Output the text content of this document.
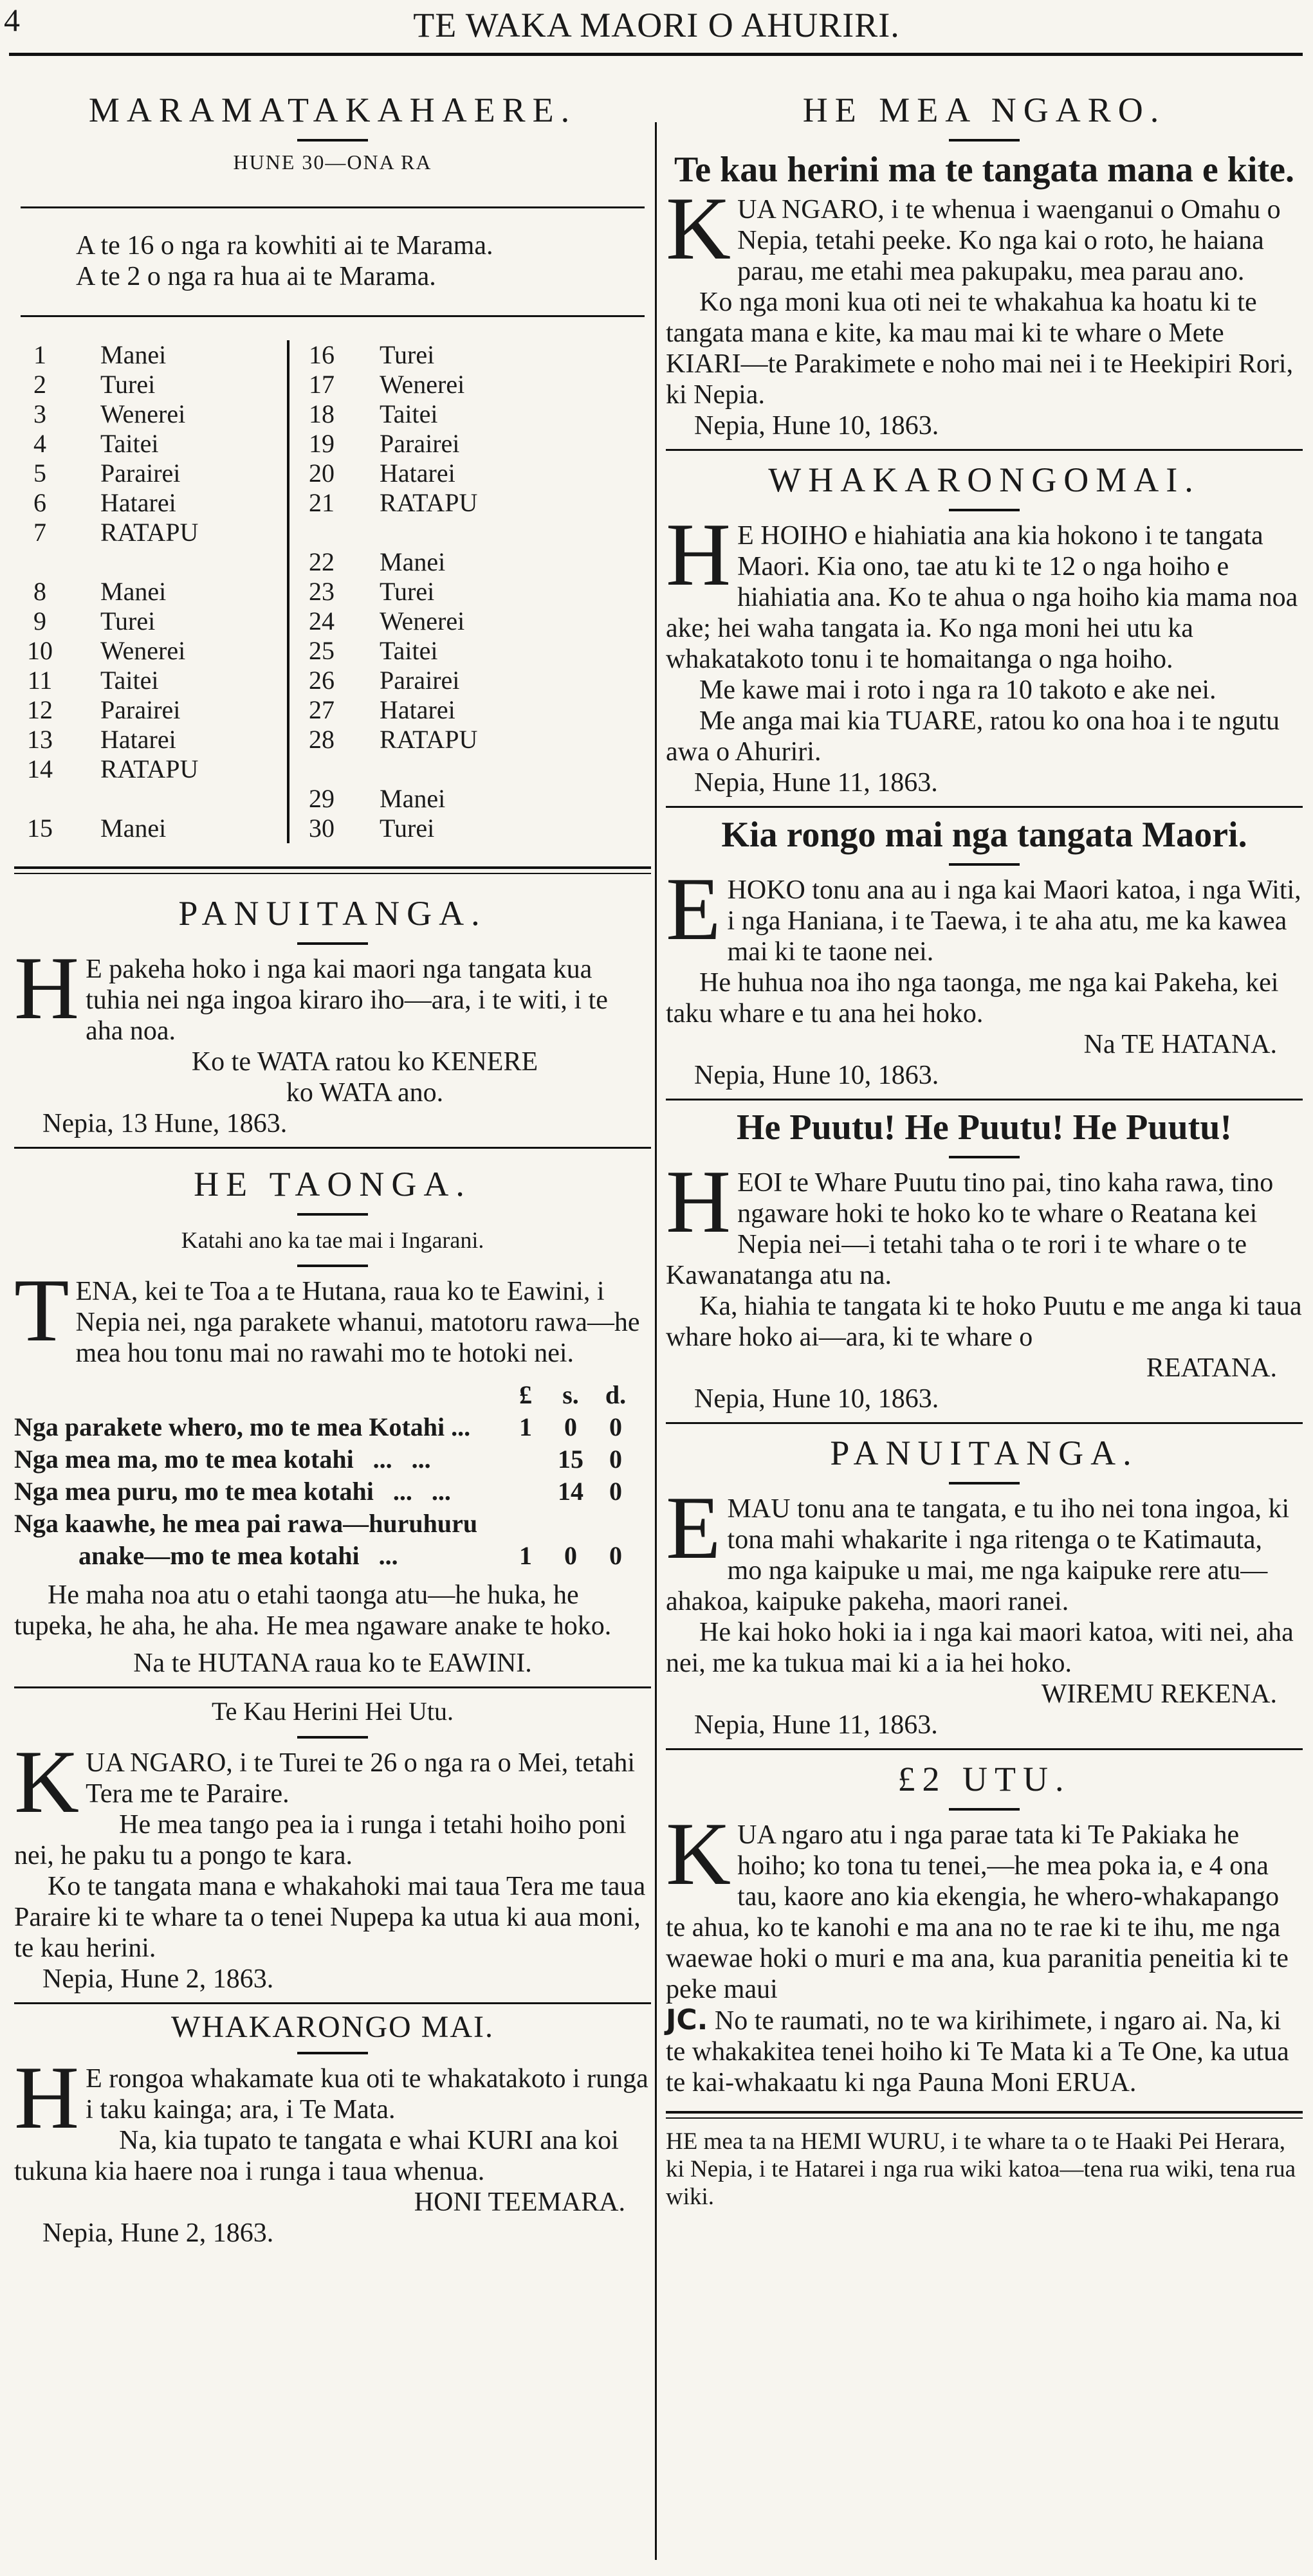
4	TE WAKA MAORI O AHURIRI.
MARAMATAKAHAERE.
HUNE 30—ONA RA

A te 16 o nga ra kowhiti ai te Marama.

A te 2 o nga ra hua ai te Marama.

1	Manei
2	Turei
3	Wenerei
4	Taitei
5	Parairei
6	Hatarei
7	RATAPU

8	Manei
9	Turei
10	Wenerei
11	Taitei
12	Parairei
13	Hatarei
14	RATAPU

15	Manei
16	Turei
17	Wenerei
18	Taitei
19	Parairei
20	Hatarei
21	RATAPU

22	Manei
23	Turei
24	Wenerei
25	Taitei
26	Parairei
27	Hatarei
28	RATAPU

29	Manei
30	Turei
PANUITANGA.

H E pakeha hoko i nga kai maori nga tangata kua tuhia nei nga ingoa kiraro iho—ara, i te witi, i te aha noa.

Ko te WATA ratou ko KENERE

ko WATA ano.

Nepia, 13 Hune, 1863.

HE TAONGA.
Katahi ano ka tae mai i Ingarani.

TENA, kei te Toa a te Hutana, raua ko te Eawini, i Nepia nei, nga parakete whanui, matotoru rawa—he mea hou tonu mai no rawahi mo te hotoki nei.

	£	s.	d.
Nga parakete whero, mo te mea Kotahi ...	1	0	0
Nga mea ma, mo te mea kotahi   ...   ...		15	0
Nga mea puru, mo te mea kotahi   ...   ...		14	0
Nga kaawhe, he mea pai rawa—huruhuru			
anake—mo te mea kotahi   ...	1	0	0

He maha noa atu o etahi taonga atu—he huka, he tupeka, he aha, he aha. He mea ngaware anake te hoko.

Na te HUTANA raua ko te EAWINI.

Te Kau Herini Hei Utu.

KUA NGARO, i te Turei te 26 o nga ra o Mei, tetahi Tera me te Paraire.

He mea tango pea ia i runga i tetahi hoiho poni nei, he paku tu a pongo te kara.

Ko te tangata mana e whakahoki mai taua Tera me taua Paraire ki te whare ta o tenei Nupepa ka utua ki aua moni, te kau herini.

Nepia, Hune 2, 1863.

WHAKARONGO MAI.

H E rongoa whakamate kua oti te whakatakoto i runga i taku kainga; ara, i Te Mata.

Na, kia tupato te tangata e whai KURI ana koi tukuna kia haere noa i runga i taua whenua.

HONI TEEMARA.

Nepia, Hune 2, 1863.

HE MEA NGARO.
Te kau herini ma te tangata mana e kite.

KUA NGARO, i te whenua i waenganui o Omahu o Nepia, tetahi peeke. Ko nga kai o roto, he haiana parau, me etahi mea pakupaku, mea parau ano.

Ko nga moni kua oti nei te whakahua ka hoatu ki te tangata mana e kite, ka mau mai ki te whare o Mete KIARI—te Parakimete e noho mai nei i te Heekipiri Rori, ki Nepia.

Nepia, Hune 10, 1863.

WHAKARONGOMAI.

H E HOIHO e hiahiatia ana kia hokono i te tangata Maori. Kia ono, tae atu ki te 12 o nga hoiho e hiahiatia ana. Ko te ahua o nga hoiho kia mama noa ake; hei waha tangata ia. Ko nga moni hei utu ka whakatakoto tonu i te homaitanga o nga hoiho.

Me kawe mai i roto i nga ra 10 takoto e ake nei.

Me anga mai kia TUARE, ratou ko ona hoa i te ngutu awa o Ahuriri.

Nepia, Hune 11, 1863.

Kia rongo mai nga tangata Maori.

EHOKO tonu ana au i nga kai Maori katoa, i nga Witi, i nga Haniana, i te Taewa, i te aha atu, me ka kawea mai ki te taone nei.

He huhua noa iho nga taonga, me nga kai Pakeha, kei taku whare e tu ana hei hoko.

Na TE HATANA.

Nepia, Hune 10, 1863.

He Puutu! He Puutu! He Puutu!

HEOI te Whare Puutu tino pai, tino kaha rawa, tino ngaware hoki te hoko ko te whare o Reatana kei Nepia nei—i tetahi taha o te rori i te whare o te Kawanatanga atu na.

Ka, hiahia te tangata ki te hoko Puutu e me anga ki taua whare hoko ai—ara, ki te whare o

REATANA.

Nepia, Hune 10, 1863.

PANUITANGA.

EMAU tonu ana te tangata, e tu iho nei tona ingoa, ki tona mahi whakarite i nga ritenga o te Katimauta, mo nga kaipuke u mai, me nga kaipuke rere atu—ahakoa, kaipuke pakeha, maori ranei.

He kai hoko hoki ia i nga kai maori katoa, witi nei, aha nei, me ka tukua mai ki a ia hei hoko.

WIREMU REKENA.

Nepia, Hune 11, 1863.

£2 UTU.

KUA ngaro atu i nga parae tata ki Te Pakiaka he hoiho; ko tona tu tenei,—he mea poka ia, e 4 ona tau, kaore ano kia ekengia, he whero-whakapango te ahua, ko te kanohi e ma ana no te rae ki te ihu, me nga waewae hoki o muri e ma ana, kua paranitia peneitia ki te peke maui

JC. No te raumati, no te wa kirihimete, i ngaro ai. Na, ki te whakakitea tenei hoiho ki Te Mata ki a Te One, ka utua te kai-whakaatu ki nga Pauna Moni ERUA.

HE mea ta na HEMI WURU, i te whare ta o te Haaki Pei Herara, ki Nepia, i te Hatarei i nga rua wiki katoa—tena rua wiki, tena rua wiki.
